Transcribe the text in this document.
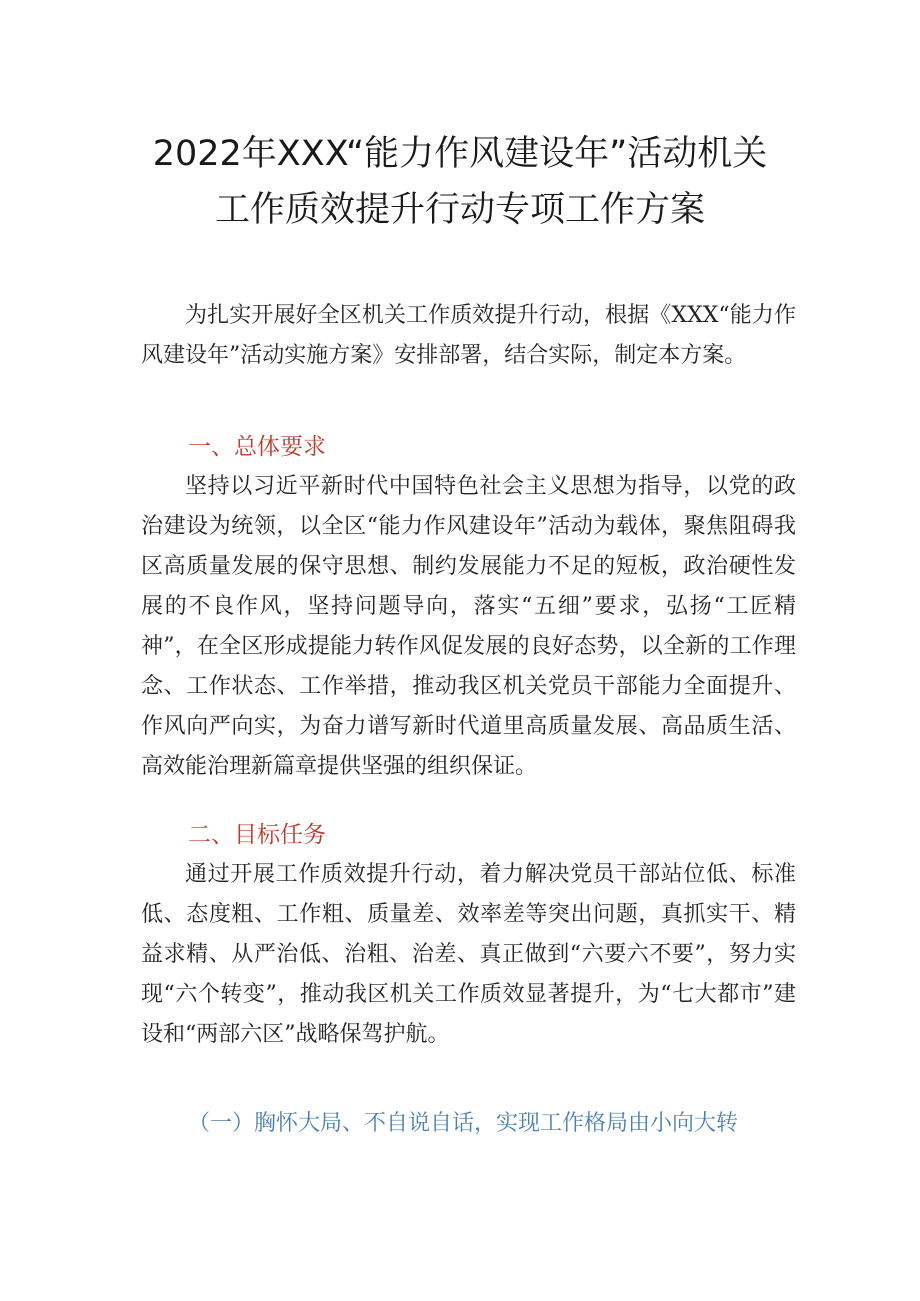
2022年XXX“能力作风建设年”活动机关
工作质效提升行动专项工作方案

为扎实开展好全区机关工作质效提升行动，根据《XXX“能力作风建设年”活动实施方案》安排部署，结合实际，制定本方案。

一、总体要求

坚持以习近平新时代中国特色社会主义思想为指导，以党的政治建设为统领，以全区“能力作风建设年”活动为载体，聚焦阻碍我区高质量发展的保守思想、制约发展能力不足的短板，政治硬性发展的不良作风，坚持问题导向，落实“五细”要求，弘扬“工匠精神”，在全区形成提能力转作风促发展的良好态势，以全新的工作理念、工作状态、工作举措，推动我区机关党员干部能力全面提升、作风向严向实，为奋力谱写新时代道里高质量发展、高品质生活、高效能治理新篇章提供坚强的组织保证。

二、目标任务

通过开展工作质效提升行动，着力解决党员干部站位低、标准低、态度粗、工作粗、质量差、效率差等突出问题，真抓实干、精益求精、从严治低、治粗、治差、真正做到“六要六不要”，努力实现“六个转变”，推动我区机关工作质效显著提升，为“七大都市”建设和“两部六区”战略保驾护航。

（一）胸怀大局、不自说自话，实现工作格局由小向大转
